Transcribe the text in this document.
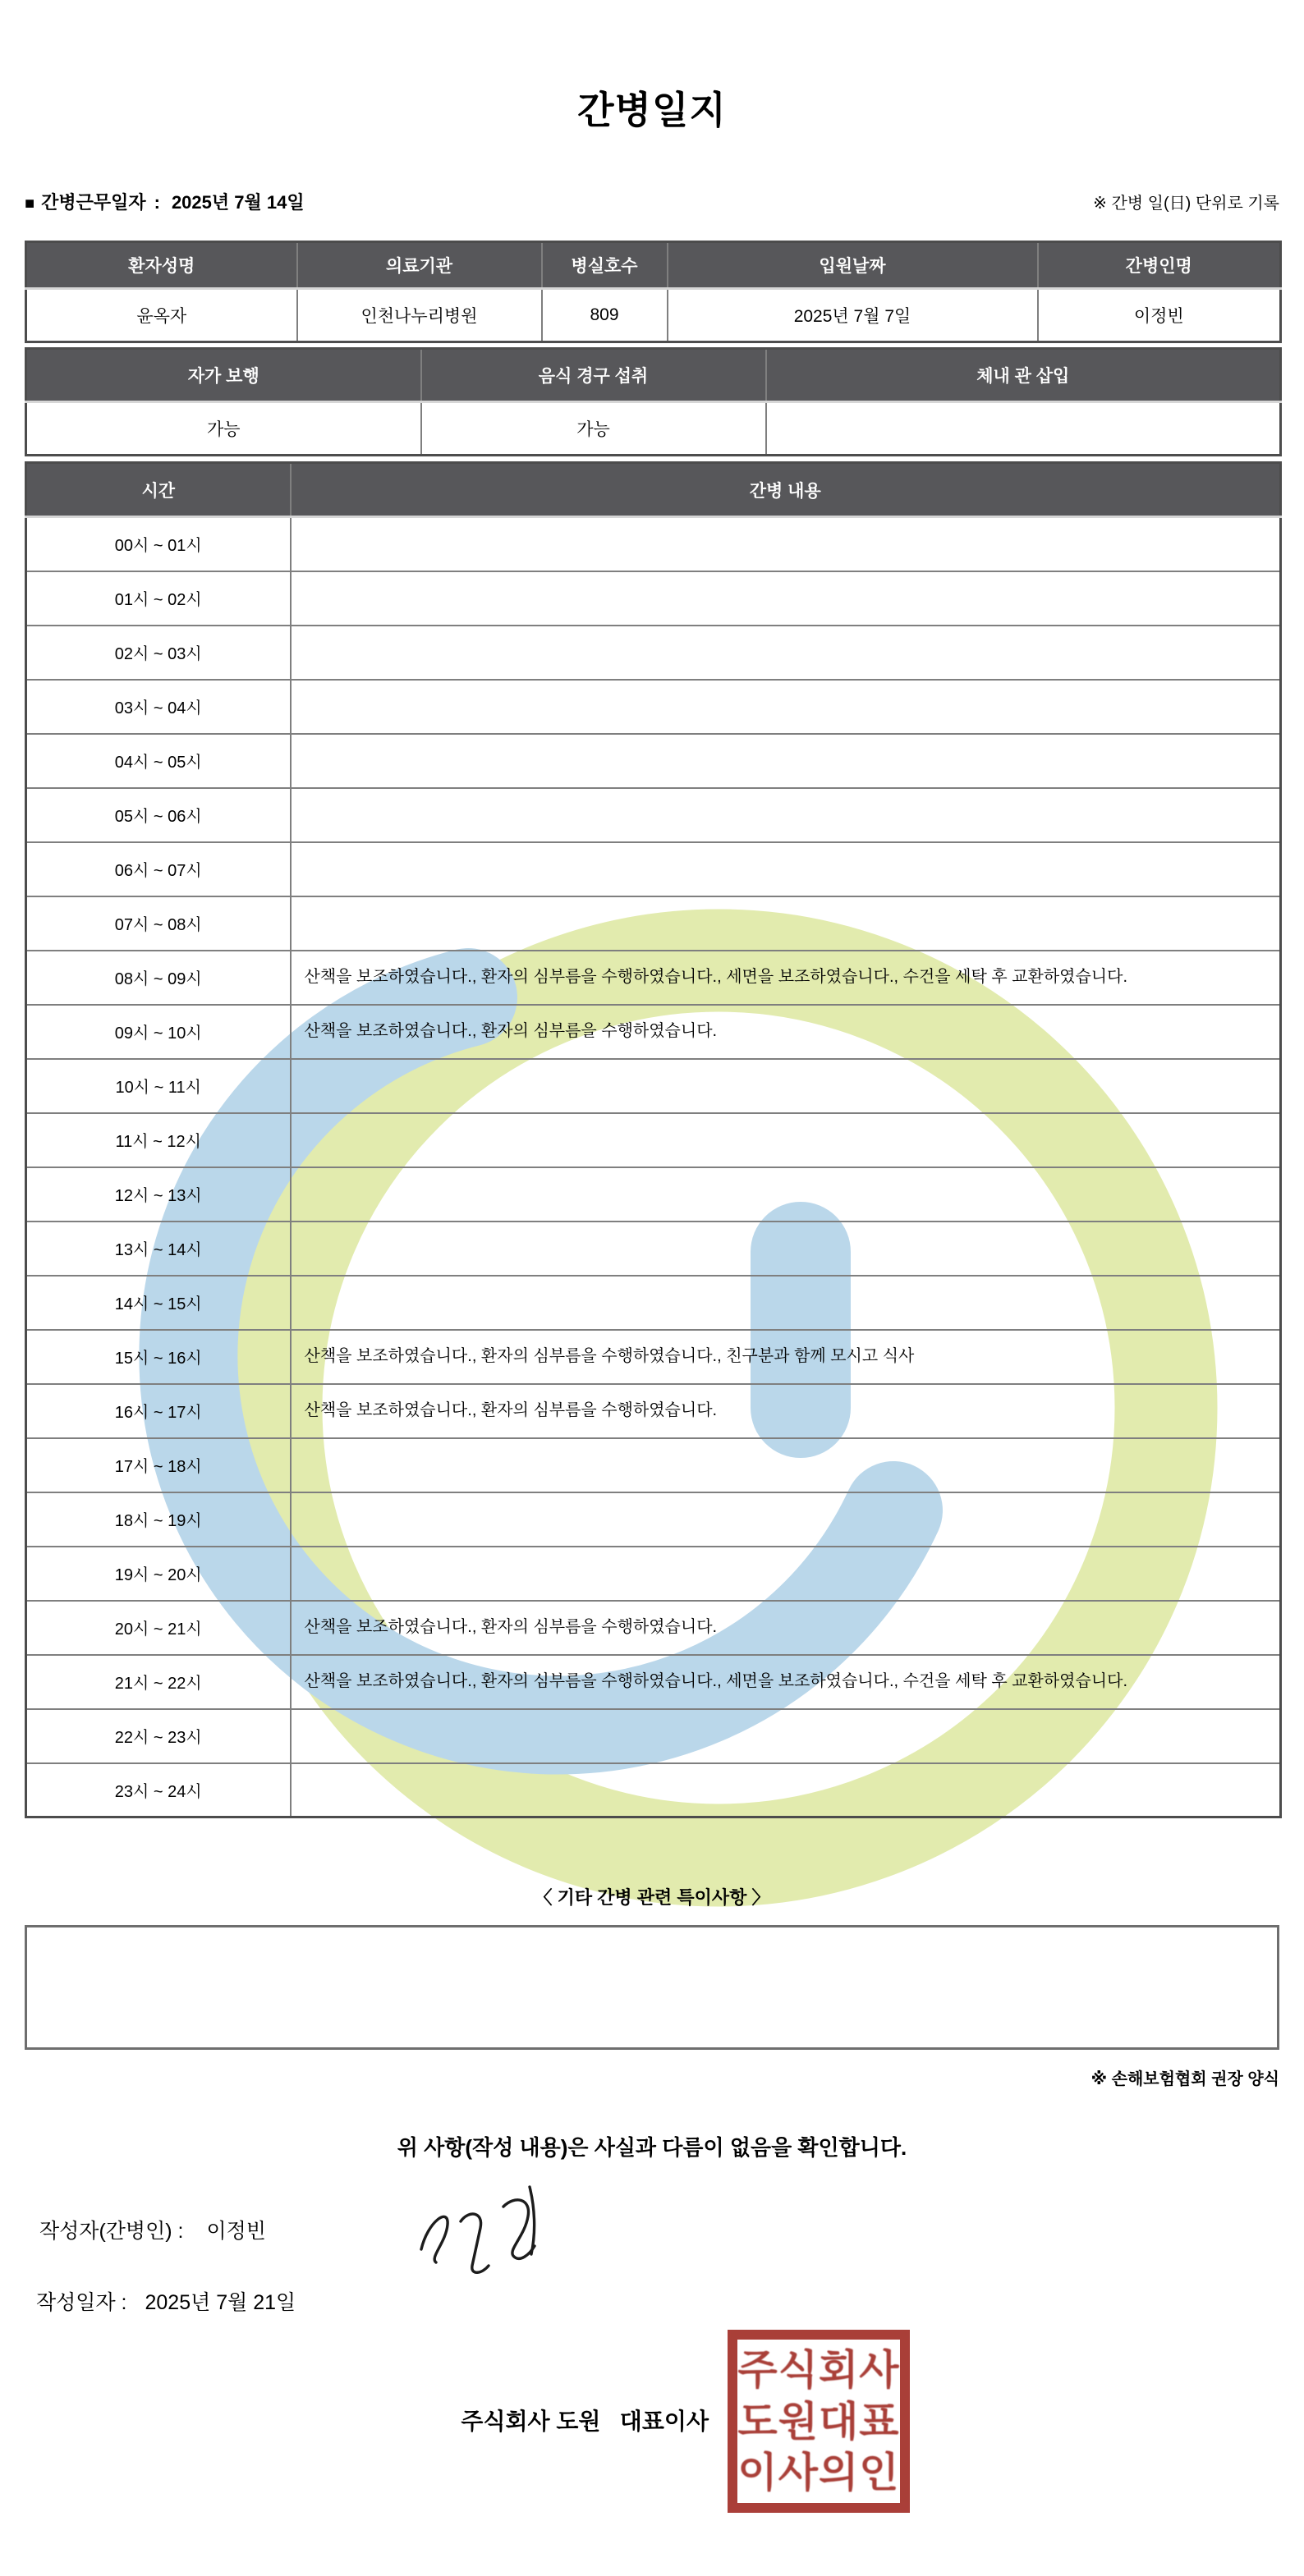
간병일지
■ 간병근무일자 : 2025년 7월 14일	※ 간병 일(日) 단위로 기록
환자성명	의료기관	병실호수	입원날짜	간병인명
윤옥자	인천나누리병원	809	2025년 7월 7일	이정빈
자가 보행	음식 경구 섭취	체내 관 삽입
가능	가능	
시간	간병 내용
00시 ~ 01시	
01시 ~ 02시	
02시 ~ 03시	
03시 ~ 04시	
04시 ~ 05시	
05시 ~ 06시	
06시 ~ 07시	
07시 ~ 08시	
08시 ~ 09시	산책을 보조하였습니다., 환자의 심부름을 수행하였습니다., 세면을 보조하였습니다., 수건을 세탁 후 교환하였습니다.
09시 ~ 10시	산책을 보조하였습니다., 환자의 심부름을 수행하였습니다.
10시 ~ 11시	
11시 ~ 12시	
12시 ~ 13시	
13시 ~ 14시	
14시 ~ 15시	
15시 ~ 16시	산책을 보조하였습니다., 환자의 심부름을 수행하였습니다., 친구분과 함께 모시고 식사
16시 ~ 17시	산책을 보조하였습니다., 환자의 심부름을 수행하였습니다.
17시 ~ 18시	
18시 ~ 19시	
19시 ~ 20시	
20시 ~ 21시	산책을 보조하였습니다., 환자의 심부름을 수행하였습니다.
21시 ~ 22시	산책을 보조하였습니다., 환자의 심부름을 수행하였습니다., 세면을 보조하였습니다., 수건을 세탁 후 교환하였습니다.
22시 ~ 23시	
23시 ~ 24시	
〈 기타 간병 관련 특이사항 〉
※ 손해보험협회 권장 양식
위 사항(작성 내용)은 사실과 다름이 없음을 확인합니다.
작성자(간병인) : 이정빈
작성일자 : 2025년 7월 21일
주식회사 도원   대표이사
주식회사
도원대표
이사의인
